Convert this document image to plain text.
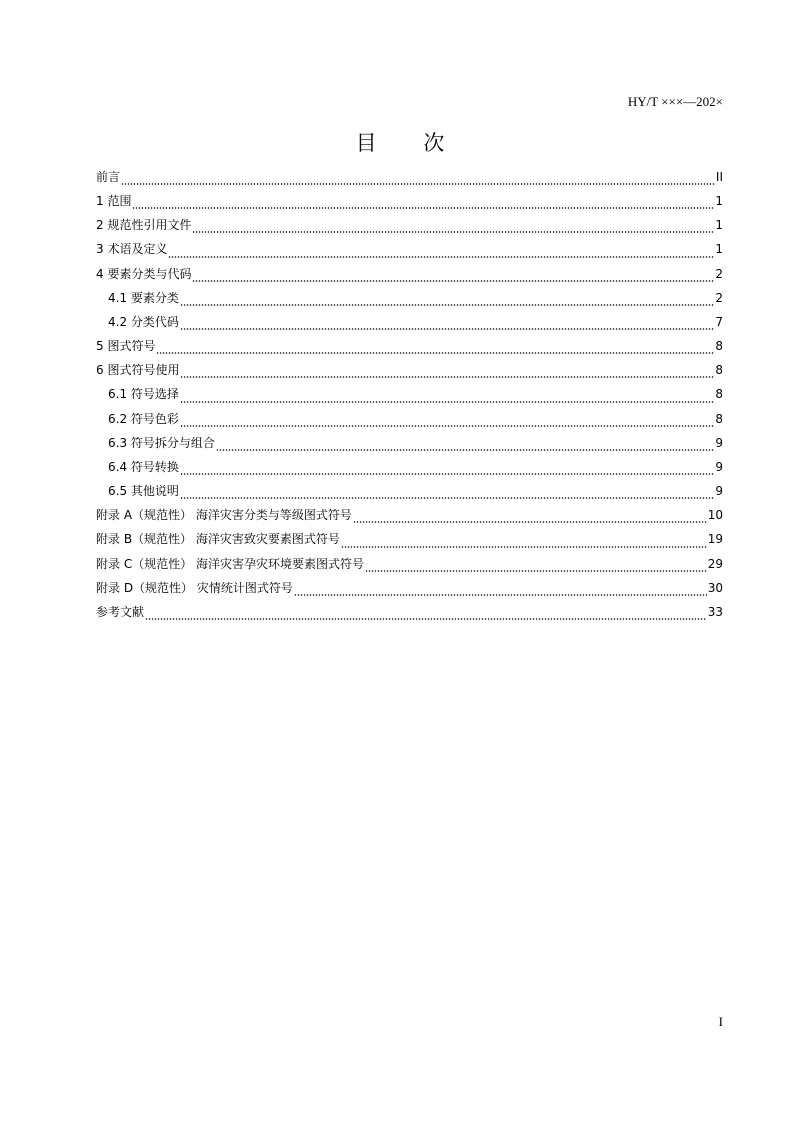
HY/T ×××—202×
目 次
前言	II
1 范围	1
2 规范性引用文件	1
3 术语及定义	1
4 要素分类与代码	2
4.1 要素分类	2
4.2 分类代码	7
5 图式符号	8
6 图式符号使用	8
6.1 符号选择	8
6.2 符号色彩	8
6.3 符号拆分与组合	9
6.4 符号转换	9
6.5 其他说明	9
附录 A（规范性） 海洋灾害分类与等级图式符号	10
附录 B（规范性） 海洋灾害致灾要素图式符号	19
附录 C（规范性） 海洋灾害孕灾环境要素图式符号	29
附录 D（规范性） 灾情统计图式符号	30
参考文献	33
I
